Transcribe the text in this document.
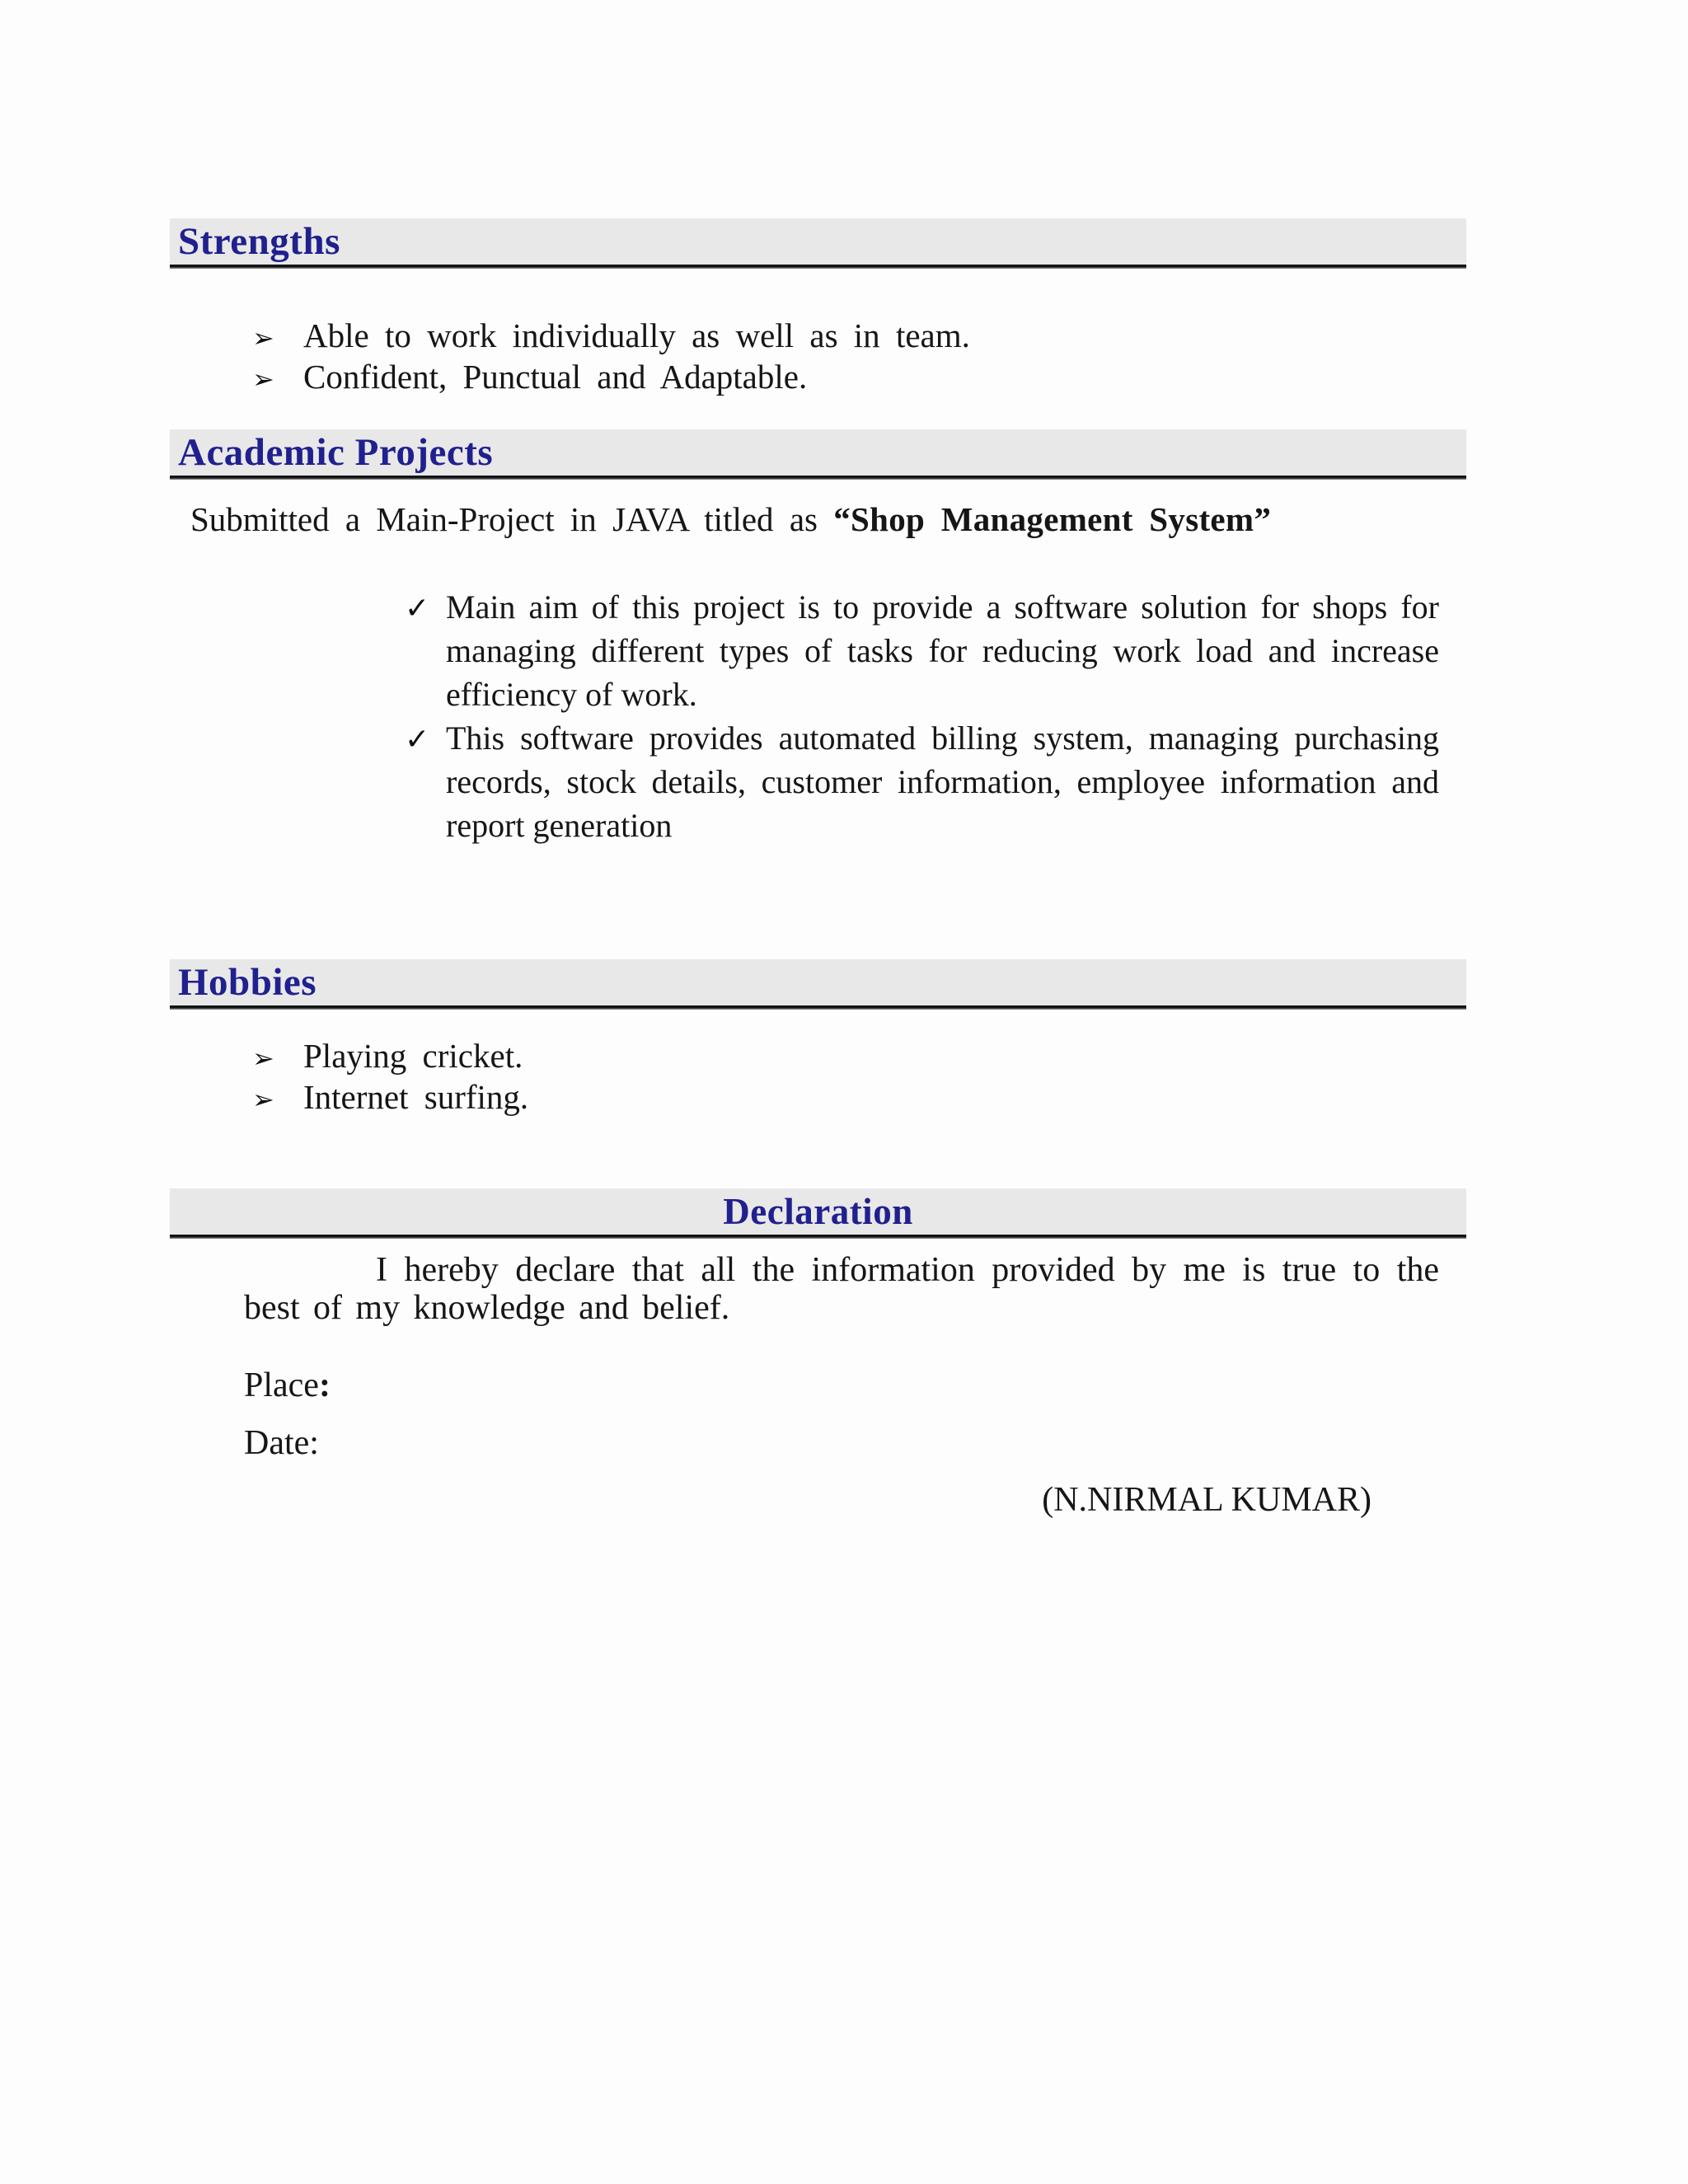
Strengths
➢ Able to work individually as well as in team.
➢ Confident, Punctual and Adaptable.
Academic Projects

Submitted a Main-Project in JAVA titled as “Shop Management System”

✓ Main aim of this project is to provide a software solution for shops for managing different types of tasks for reducing work load and increase efficiency of work.
✓ This software provides automated billing system, managing purchasing records, stock details, customer information, employee information and report generation
Hobbies
➢ Playing cricket.
➢ Internet surfing.
Declaration

I hereby declare that all the information provided by me is true to the best of my knowledge and belief.

Place:

Date:

(N.NIRMAL KUMAR)
